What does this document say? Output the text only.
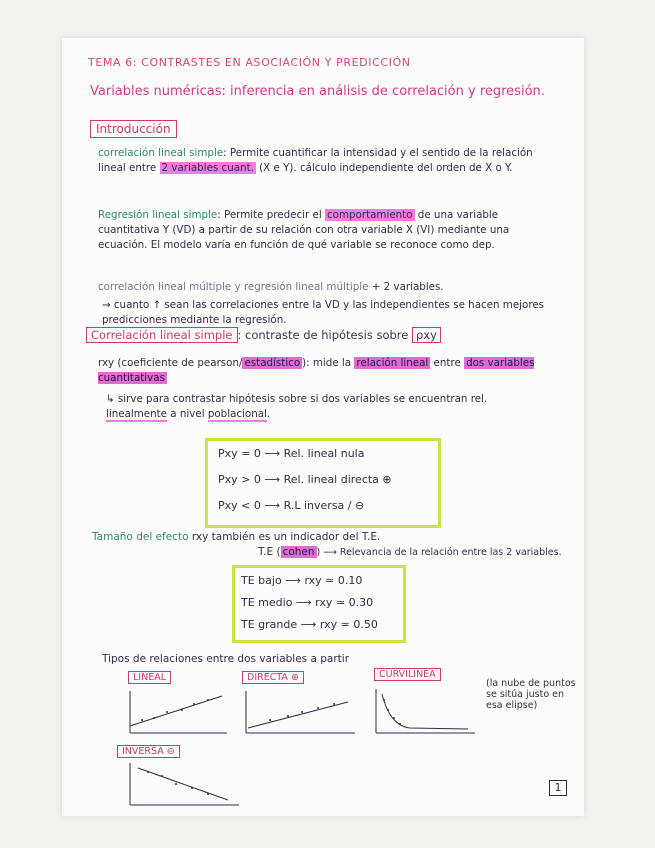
TEMA 6: CONTRASTES EN ASOCIACIÓN Y PREDICCIÓN
Variables numéricas: inferencia en análisis de correlación y regresión.
Introducción
correlación lineal simple: Permite cuantificar la intensidad y el sentido de la relación lineal entre 2 variables cuant. (X e Y). cálculo independiente del orden de X o Y.
Regresión lineal simple: Permite predecir el comportamiento de una variable cuantitativa Y (VD) a partir de su relación con otra variable X (VI) mediante una ecuación. El modelo varía en función de qué variable se reconoce como dep.
correlación lineal múltiple y regresión lineal múltiple + 2 variables.
→ cuanto ↑ sean las correlaciones entre la VD y las independientes se hacen mejores predicciones mediante la regresión.
Correlación lineal simple : contraste de hipótesis sobre ρxy
rxy (coeficiente de pearson/ estadístico ): mide la relación lineal entre dos variables cuantitativas
↳ sirve para contrastar hipótesis sobre si dos variables se encuentran rel. linealmente a nivel poblacional.
Pxy = 0 ⟶ Rel. lineal nula
Pxy > 0 ⟶ Rel. lineal directa ⊕
Pxy < 0 ⟶ R.L inversa / ⊖
Tamaño del efecto rxy también es un indicador del T.E.
T.E ( cohen ) ⟶ Relevancia de la relación entre las 2 variables.
TE bajo ⟶ rxy ≃ 0.10
TE medio ⟶ rxy ≃ 0.30
TE grande ⟶ rxy ≃ 0.50
Tipos de relaciones entre dos variables a partir
LINEAL	DIRECTA ⊕	CURVILÍNEA
INVERSA ⊖
(la nube de puntos se sitúa justo en esa elipse)
1
